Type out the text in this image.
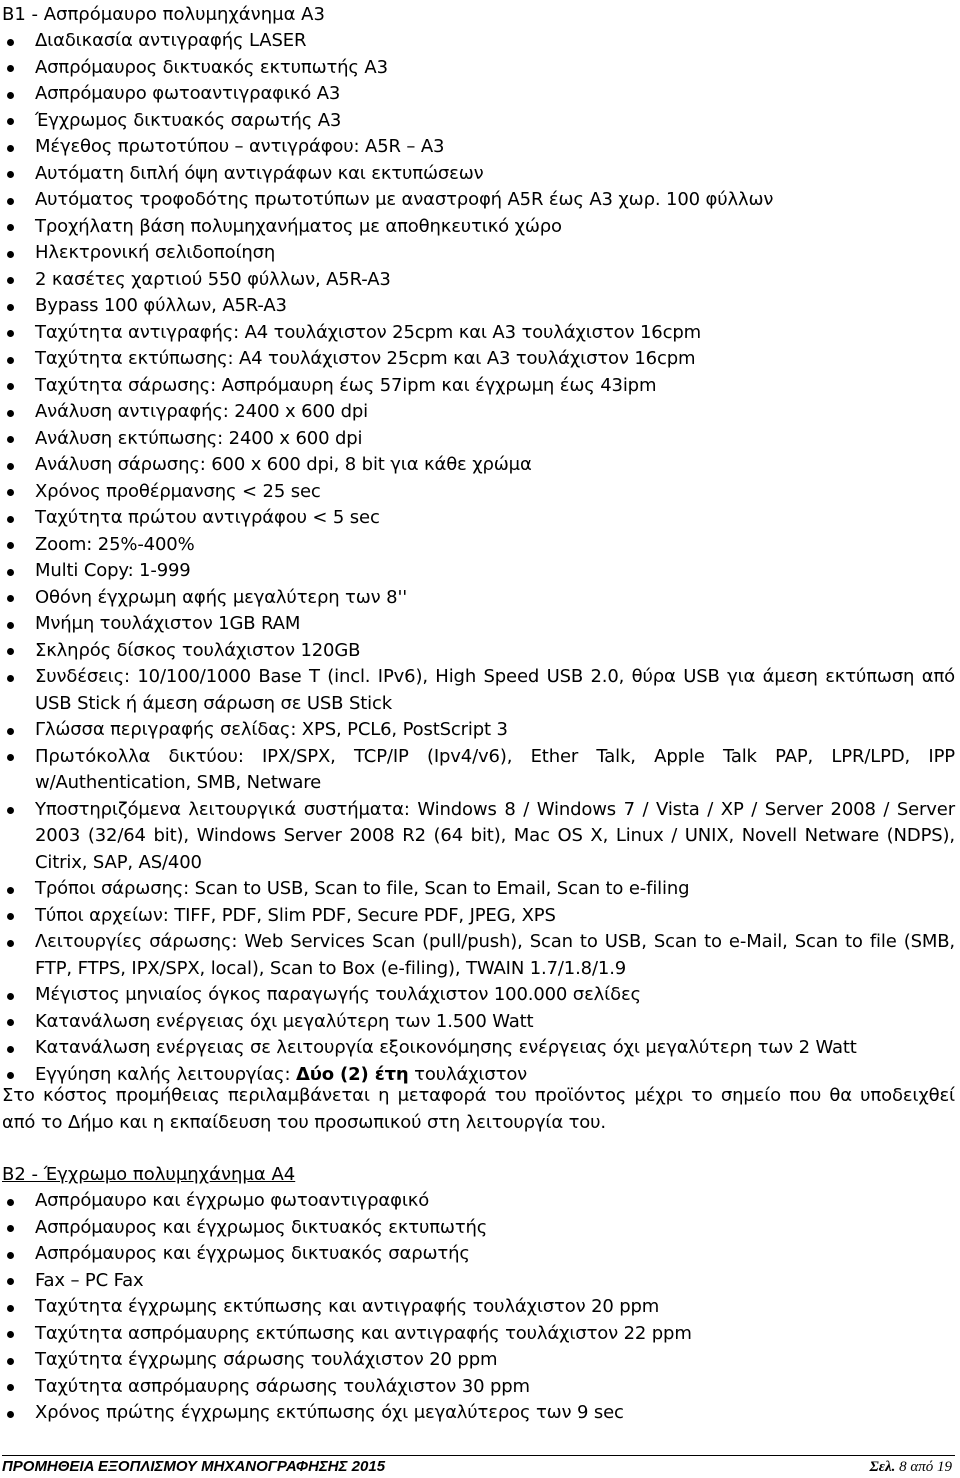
B1 - Ασπρόμαυρο πολυμηχάνημα A3
Διαδικασία αντιγραφής LASER
Ασπρόμαυρος δικτυακός εκτυπωτής A3
Ασπρόμαυρο φωτοαντιγραφικό A3
Έγχρωμος δικτυακός σαρωτής A3
Μέγεθος πρωτοτύπου – αντιγράφου: A5R – A3
Αυτόματη διπλή όψη αντιγράφων και εκτυπώσεων
Αυτόματος τροφοδότης πρωτοτύπων με αναστροφή A5R έως A3 χωρ. 100 φύλλων
Τροχήλατη βάση πολυμηχανήματος με αποθηκευτικό χώρο
Ηλεκτρονική σελιδοποίηση
2 κασέτες χαρτιού 550 φύλλων, A5R-A3
Bypass 100 φύλλων, A5R-A3
Ταχύτητα αντιγραφής: A4 τουλάχιστον 25cpm και A3 τουλάχιστον 16cpm
Ταχύτητα εκτύπωσης: A4 τουλάχιστον 25cpm και A3 τουλάχιστον 16cpm
Ταχύτητα σάρωσης: Ασπρόμαυρη έως 57ipm και έγχρωμη έως 43ipm
Ανάλυση αντιγραφής: 2400 x 600 dpi
Ανάλυση εκτύπωσης: 2400 x 600 dpi
Ανάλυση σάρωσης: 600 x 600 dpi, 8 bit για κάθε χρώμα
Χρόνος προθέρμανσης < 25 sec
Ταχύτητα πρώτου αντιγράφου < 5 sec
Zoom: 25%-400%
Multi Copy: 1-999
Οθόνη έγχρωμη αφής μεγαλύτερη των 8''
Μνήμη τουλάχιστον 1GB RAM
Σκληρός δίσκος τουλάχιστον 120GB
Συνδέσεις: 10/100/1000 Base T (incl. IPv6), High Speed USB 2.0, θύρα USB για άμεση εκτύπωση από USB Stick ή άμεση σάρωση σε USB Stick
Γλώσσα περιγραφής σελίδας: XPS, PCL6, PostScript 3
Πρωτόκολλα δικτύου: IPX/SPX, TCP/IP (Ipv4/v6), Ether Talk, Apple Talk PAP, LPR/LPD, IPP w/Authentication, SMB, Netware
Υποστηριζόμενα λειτουργικά συστήματα: Windows 8 / Windows 7 / Vista / XP / Server 2008 / Server 2003 (32/64 bit), Windows Server 2008 R2 (64 bit), Mac OS X, Linux / UNIX, Novell Netware (NDPS), Citrix, SAP, AS/400
Τρόποι σάρωσης: Scan to USB, Scan to file, Scan to Email, Scan to e-filing
Τύποι αρχείων: TIFF, PDF, Slim PDF, Secure PDF, JPEG, XPS
Λειτουργίες σάρωσης: Web Services Scan (pull/push), Scan to USB, Scan to e-Mail, Scan to file (SMB, FTP, FTPS, IPX/SPX, local), Scan to Box (e-filing), TWAIN 1.7/1.8/1.9
Μέγιστος μηνιαίος όγκος παραγωγής τουλάχιστον 100.000 σελίδες
Κατανάλωση ενέργειας όχι μεγαλύτερη των 1.500 Watt
Κατανάλωση ενέργειας σε λειτουργία εξοικονόμησης ενέργειας όχι μεγαλύτερη των 2 Watt
Εγγύηση καλής λειτουργίας: Δύο (2) έτη τουλάχιστον
Στο κόστος προμήθειας περιλαμβάνεται η μεταφορά του προϊόντος μέχρι το σημείο που θα υποδειχθεί από το Δήμο και η εκπαίδευση του προσωπικού στη λειτουργία του.
B2 - Έγχρωμο πολυμηχάνημα A4
Ασπρόμαυρο και έγχρωμο φωτοαντιγραφικό
Ασπρόμαυρος και έγχρωμος δικτυακός εκτυπωτής
Ασπρόμαυρος και έγχρωμος δικτυακός σαρωτής
Fax – PC Fax
Ταχύτητα έγχρωμης εκτύπωσης και αντιγραφής τουλάχιστον 20 ppm
Ταχύτητα ασπρόμαυρης εκτύπωσης και αντιγραφής τουλάχιστον 22 ppm
Ταχύτητα έγχρωμης σάρωσης τουλάχιστον 20 ppm
Ταχύτητα ασπρόμαυρης σάρωσης τουλάχιστον 30 ppm
Χρόνος πρώτης έγχρωμης εκτύπωσης όχι μεγαλύτερος των 9 sec
ΠΡΟΜΗΘΕΙΑ ΕΞΟΠΛΙΣΜΟΥ ΜΗΧΑΝΟΓΡΑΦΗΣΗΣ 2015	Σελ. 8 από 19
